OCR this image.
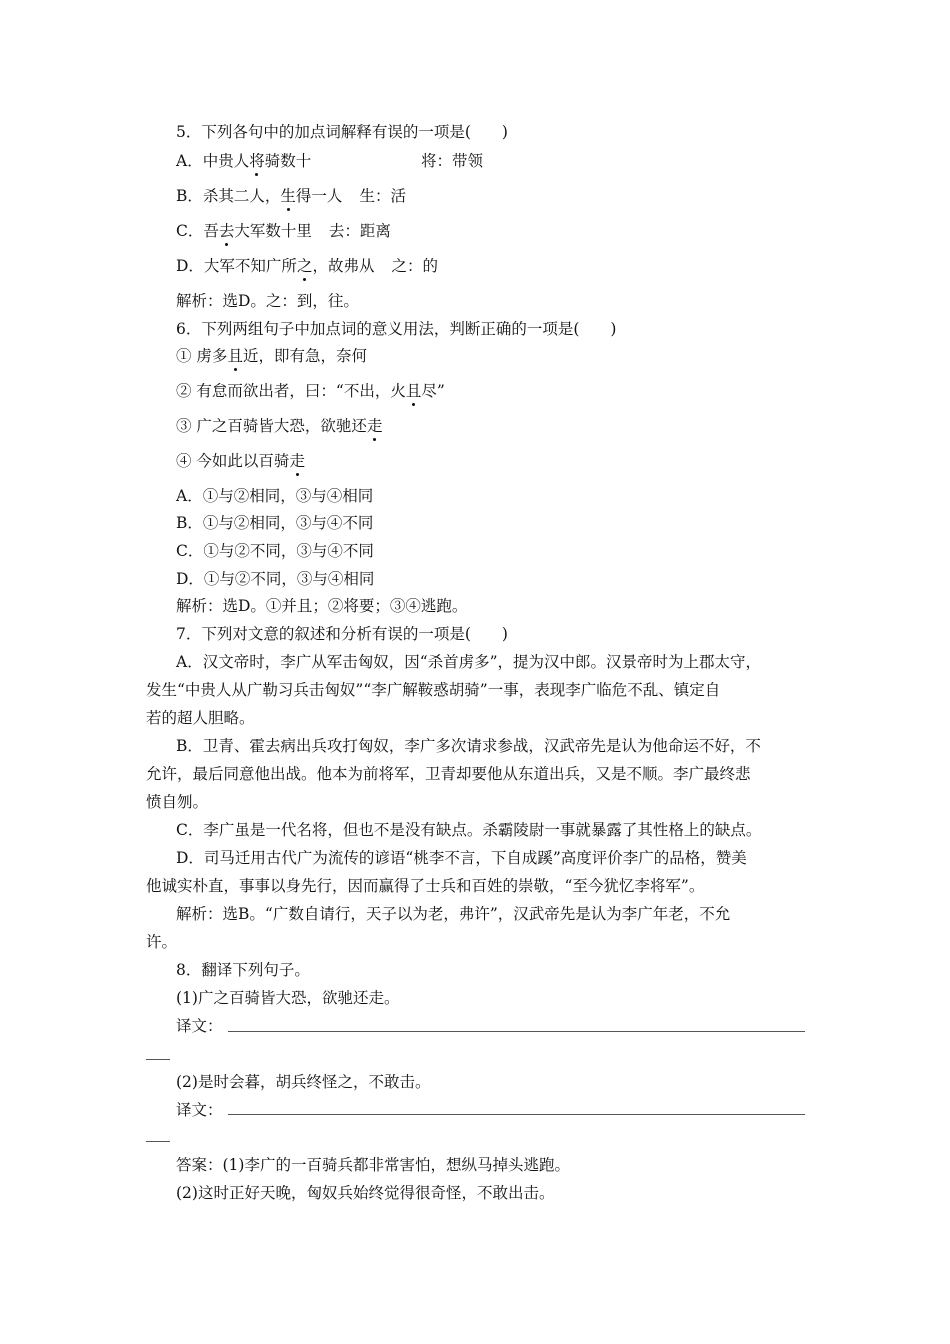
5．下列各句中的加点词解释有误的一项是(　　)
A．中贵人将骑数十	将：带领
B．杀其二人，生得一人 生：活
C．吾去大军数十里 去：距离
D．大军不知广所之，故弗从 之：的
解析：选D。之：到，往。
6．下列两组句子中加点词的意义用法，判断正确的一项是(　　)
① 虏多且近，即有急，奈何
② 有怠而欲出者，曰：“不出，火且尽”
③ 广之百骑皆大恐，欲驰还走
④ 今如此以百骑走
A．①与②相同，③与④相同
B．①与②相同，③与④不同
C．①与②不同，③与④不同
D．①与②不同，③与④相同
解析：选D。①并且；②将要；③④逃跑。
7．下列对文意的叙述和分析有误的一项是(　　)
A．汉文帝时，李广从军击匈奴，因“杀首虏多”，提为汉中郎。汉景帝时为上郡太守，
发生“中贵人从广勒习兵击匈奴”“李广解鞍惑胡骑”一事，表现李广临危不乱、镇定自
若的超人胆略。
B．卫青、霍去病出兵攻打匈奴，李广多次请求参战，汉武帝先是认为他命运不好，不
允许，最后同意他出战。他本为前将军，卫青却要他从东道出兵，又是不顺。李广最终悲
愤自刎。
C．李广虽是一代名将，但也不是没有缺点。杀霸陵尉一事就暴露了其性格上的缺点。
D．司马迁用古代广为流传的谚语“桃李不言，下自成蹊”高度评价李广的品格，赞美
他诚实朴直，事事以身先行，因而赢得了士兵和百姓的崇敬，“至今犹忆李将军”。
解析：选B。“广数自请行，天子以为老，弗许”，汉武帝先是认为李广年老，不允
许。
8．翻译下列句子。
(1)广之百骑皆大恐，欲驰还走。
译文：
(2)是时会暮，胡兵终怪之，不敢击。
译文：
答案：(1)李广的一百骑兵都非常害怕，想纵马掉头逃跑。
(2)这时正好天晚，匈奴兵始终觉得很奇怪，不敢出击。
